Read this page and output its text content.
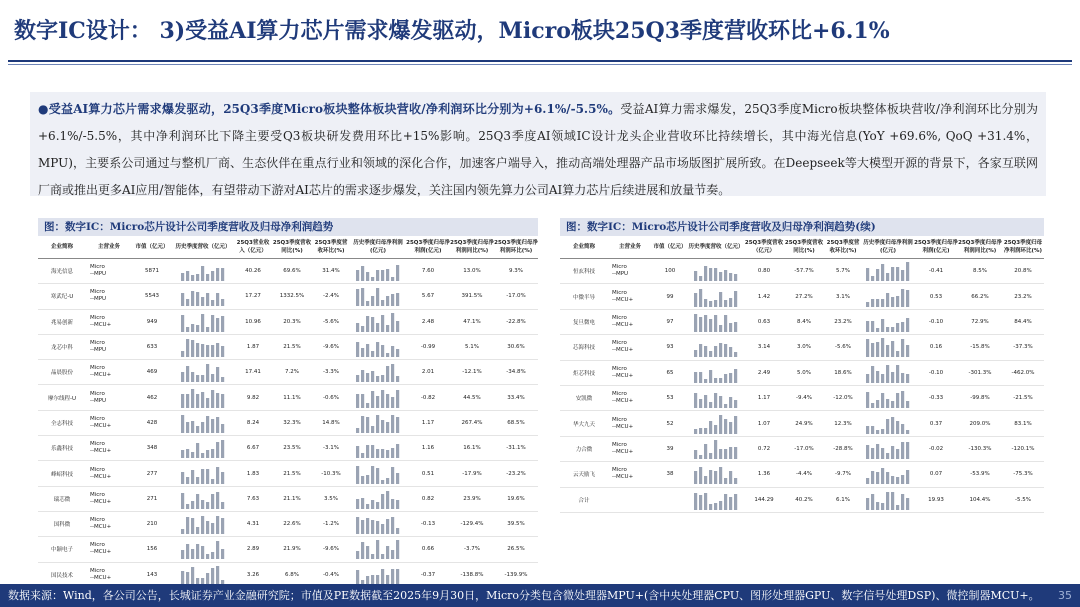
数字IC设计： 3)受益AI算力芯片需求爆发驱动，Micro板块25Q3季度营收环比+6.1%

●受益AI算力芯片需求爆发驱动，25Q3季度Micro板块整体板块营收/净利润环比分别为+6.1%/-5.5%。受益AI算力需求爆发，25Q3季度Micro板块整体板块营收/净利润环比分别为+6.1%/-5.5%，其中净利润环比下降主要受Q3板块研发费用环比+15%影响。25Q3季度AI领域IC设计龙头企业营收环比持续增长，其中海光信息(YoY +69.6%, QoQ +31.4%，MPU)，主要系公司通过与整机厂商、生态伙伴在重点行业和领域的深化合作，加速客户端导入，推动高端处理器产品市场版图扩展所致。在Deepseek等大模型开源的背景下，各家互联网厂商或推出更多AI应用/智能体，有望带动下游对AI芯片的需求逐步爆发，关注国内领先算力公司AI算力芯片后续进展和放量节奏。

图：数字IC：Micro芯片设计公司季度营收及归母净利润趋势
企业简称	主营业务	市值（亿元）	历史季度营收（亿元）	25Q3营业收入（亿元）	25Q3季度营收同比(%)	25Q3季度营收环比(%)	历史季度归母净利润(亿元)	25Q3季度归母净利润(亿元)	25Q3季度归母净利润同比(%)	25Q3季度归母净利润环比(%)
海光信息	Micro
--MPU	5871		40.26	69.6%	31.4%		7.60	13.0%	9.3%
寒武纪-U	Micro
--MPU	5543		17.27	1332.5%	-2.4%		5.67	391.5%	-17.0%
兆易创新	Micro
--MCU+	949		10.96	20.3%	-5.6%		2.48	47.1%	-22.8%
龙芯中科	Micro
--MPU	633		1.87	21.5%	-9.6%		-0.99	5.1%	30.6%
晶晨股份	Micro
--MCU+	469		17.41	7.2%	-3.3%		2.01	-12.1%	-34.8%
摩尔线程-U	Micro
--MPU	462		9.82	11.1%	-0.6%		-0.82	44.5%	33.4%
全志科技	Micro
--MCU+	428		8.24	32.3%	14.8%		1.17	267.4%	68.5%
乐鑫科技	Micro
--MCU+	348		6.67	23.5%	-3.1%		1.16	16.1%	-31.1%
峰岹科技	Micro
--MCU+	277		1.83	21.5%	-10.3%		0.51	-17.9%	-23.2%
瑞芯微	Micro
--MCU+	271		7.63	21.1%	3.5%		0.82	23.9%	19.6%
国科微	Micro
--MCU+	210		4.31	22.6%	-1.2%		-0.13	-129.4%	39.5%
中颖电子	Micro
--MCU+	156		2.89	21.9%	-9.6%		0.66	-3.7%	26.5%
国民技术	Micro
--MCU+	143		3.26	6.8%	-0.4%		-0.37	-138.8%	-139.9%
图：数字IC：Micro芯片设计公司季度营收及归母净利润趋势(续)
企业简称	主营业务	市值（亿元）	历史季度营收（亿元）	25Q3季度营收（亿元）	25Q3季度营收同比(%)	25Q3季度营收环比(%)	历史季度归母净利润(亿元)	25Q3季度归母净利润(亿元)	25Q3季度归母净利润同比(%)	25Q3季度归母净利润环比(%)
恒玄科技	Micro
--MPU	100		0.80	-57.7%	5.7%		-0.41	8.5%	20.8%
中微半导	Micro
--MCU+	99		1.42	27.2%	3.1%		0.53	66.2%	23.2%
复旦微电	Micro
--MCU+	97		0.63	8.4%	23.2%		-0.10	72.9%	84.4%
芯海科技	Micro
--MCU+	93		3.14	3.0%	-5.6%		0.16	-15.8%	-37.3%
炬芯科技	Micro
--MCU+	65		2.49	5.0%	18.6%		-0.10	-301.3%	-462.0%
安凯微	Micro
--MCU+	53		1.17	-9.4%	-12.0%		-0.33	-99.8%	-21.5%
华大九天	Micro
--MCU+	52		1.07	24.9%	12.3%		0.37	209.0%	83.1%
力合微	Micro
--MCU+	39		0.72	-17.0%	-28.8%		-0.02	-130.3%	-120.1%
云天励飞	Micro
--MCU+	38		1.36	-4.4%	-9.7%		0.07	-53.9%	-75.3%
合计				144.29	40.2%	6.1%		19.93	104.4%	-5.5%
数据来源：Wind，各公司公告，长城证券产业金融研究院；市值及PE数据截至2025年9月30日，Micro分类包含微处理器MPU+(含中央处理器CPU、图形处理器GPU、数字信号处理DSP)、微控制器MCU+。	35
